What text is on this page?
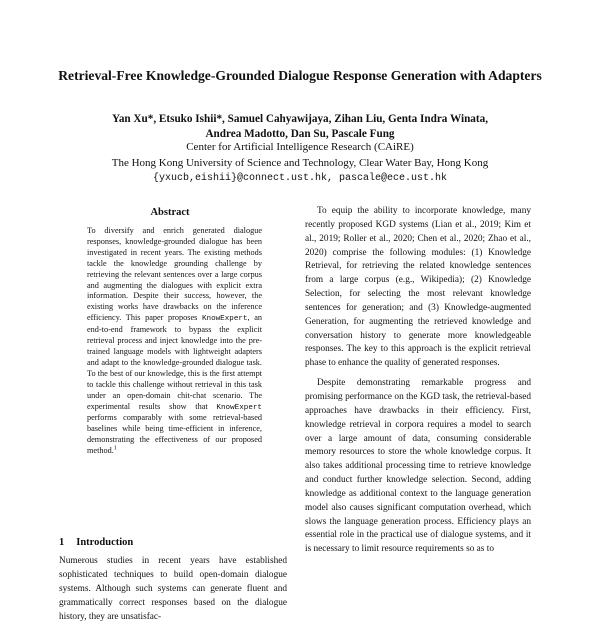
Retrieval-Free Knowledge-Grounded Dialogue Response Generation with Adapters
Yan Xu*, Etsuko Ishii*, Samuel Cahyawijaya, Zihan Liu, Genta Indra Winata,
Andrea Madotto, Dan Su, Pascale Fung
Center for Artificial Intelligence Research (CAiRE)
The Hong Kong University of Science and Technology, Clear Water Bay, Hong Kong
{yxucb,eishii}@connect.ust.hk, pascale@ece.ust.hk
Abstract
To diversify and enrich generated dialogue responses, knowledge-grounded dialogue has been investigated in recent years. The existing methods tackle the knowledge grounding challenge by retrieving the relevant sentences over a large corpus and augmenting the dialogues with explicit extra information. Despite their success, however, the existing works have drawbacks on the inference efficiency. This paper proposes KnowExpert, an end-to-end framework to bypass the explicit retrieval process and inject knowledge into the pre-trained language models with lightweight adapters and adapt to the knowledge-grounded dialogue task. To the best of our knowledge, this is the first attempt to tackle this challenge without retrieval in this task under an open-domain chit-chat scenario. The experimental results show that KnowExpert performs comparably with some retrieval-based baselines while being time-efficient in inference, demonstrating the effectiveness of our proposed method.$^1$
1 Introduction
Numerous studies in recent years have established sophisticated techniques to build open-domain dialogue systems. Although such systems can generate fluent and grammatically correct responses based on the dialogue history, they are unsatisfac-

To equip the ability to incorporate knowledge, many recently proposed KGD systems (Lian et al., 2019; Kim et al., 2019; Roller et al., 2020; Chen et al., 2020; Zhao et al., 2020) comprise the following modules: (1) Knowledge Retrieval, for retrieving the related knowledge sentences from a large corpus (e.g., Wikipedia); (2) Knowledge Selection, for selecting the most relevant knowledge sentences for generation; and (3) Knowledge-augmented Generation, for augmenting the retrieved knowledge and conversation history to generate more knowledgeable responses. The key to this approach is the explicit retrieval phase to enhance the quality of generated responses.

Despite demonstrating remarkable progress and promising performance on the KGD task, the retrieval-based approaches have drawbacks in their efficiency. First, knowledge retrieval in corpora requires a model to search over a large amount of data, consuming considerable memory resources to store the whole knowledge corpus. It also takes additional processing time to retrieve knowledge and conduct further knowledge selection. Second, adding knowledge as additional context to the language generation model also causes significant computation overhead, which slows the language generation process. Efficiency plays an essential role in the practical use of dialogue systems, and it is necessary to limit resource requirements so as to
